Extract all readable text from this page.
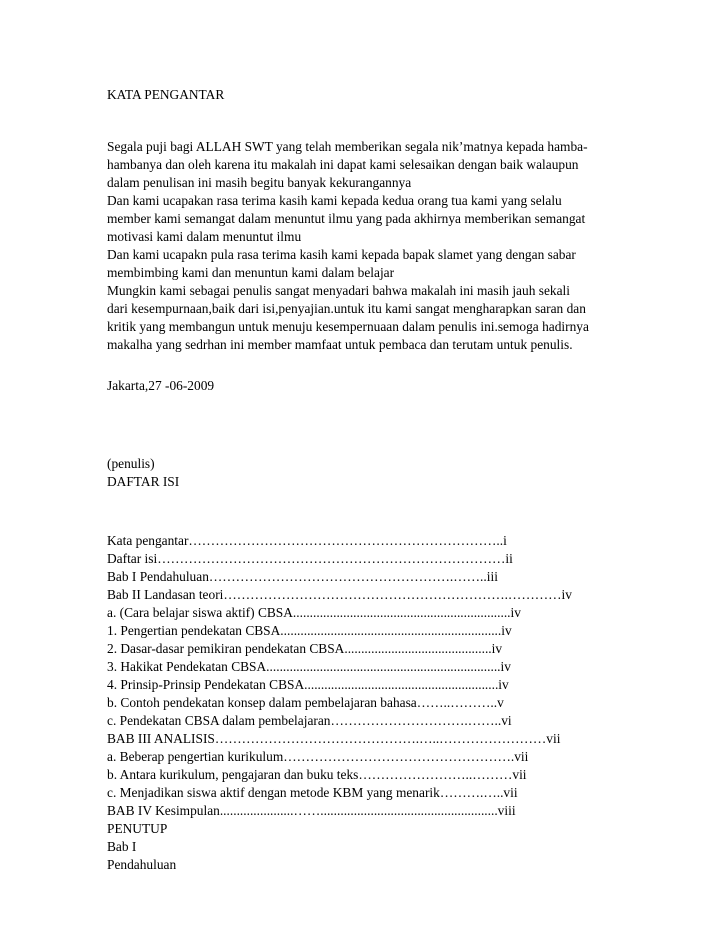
KATA PENGANTAR
Segala puji bagi ALLAH SWT yang telah memberikan segala nik’matnya kepada hamba-
hambanya dan oleh karena itu makalah ini dapat kami selesaikan dengan baik walaupun
dalam penulisan ini masih begitu banyak kekurangannya
Dan kami ucapakan rasa terima kasih kami kepada kedua orang tua kami yang selalu
member kami semangat dalam menuntut ilmu yang pada akhirnya memberikan semangat
motivasi kami dalam menuntut ilmu
Dan kami ucapakn pula rasa terima kasih kami kepada bapak slamet yang dengan sabar
membimbing kami dan menuntun kami dalam belajar
Mungkin kami sebagai penulis sangat menyadari bahwa makalah ini masih jauh sekali
dari kesempurnaan,baik dari isi,penyajian.untuk itu kami sangat mengharapkan saran dan
kritik yang membangun untuk menuju kesempernuaan dalam penulis ini.semoga hadirnya
makalha yang sedrhan ini member mamfaat untuk pembaca dan terutam untuk penulis.
Jakarta,27 -06-2009
(penulis)
DAFTAR ISI
Kata pengantar……………………………………………………………..i
Daftar isi……………………………………………………………………ii
Bab I Pendahuluan……………………………………………….……..iii
Bab II Landasan teori……………………………………………………….…………iv
a. (Cara belajar siswa aktif) CBSA.................................................................iv
1. Pengertian pendekatan CBSA..................................................................iv
2. Dasar-dasar pemikiran pendekatan CBSA............................................iv
3. Hakikat Pendekatan CBSA......................................................................iv
4. Prinsip-Prinsip Pendekatan CBSA..........................................................iv
b. Contoh pendekatan konsep dalam pembelajaran bahasa……..………..v
c. Pendekatan CBSA dalam pembelajaran………………………….……..vi
BAB III ANALISIS……………………………………….…..……………………vii
a. Beberap pengertian kurikulum…………………………………………….vii
b. Antara kurikulum, pengajaran dan buku teks……………………..………vii
c. Menjadikan siswa aktif dengan metode KBM yang menarik……….…..vii
BAB IV Kesimpulan......................…….....................................................viii
PENUTUP
Bab I
Pendahuluan
